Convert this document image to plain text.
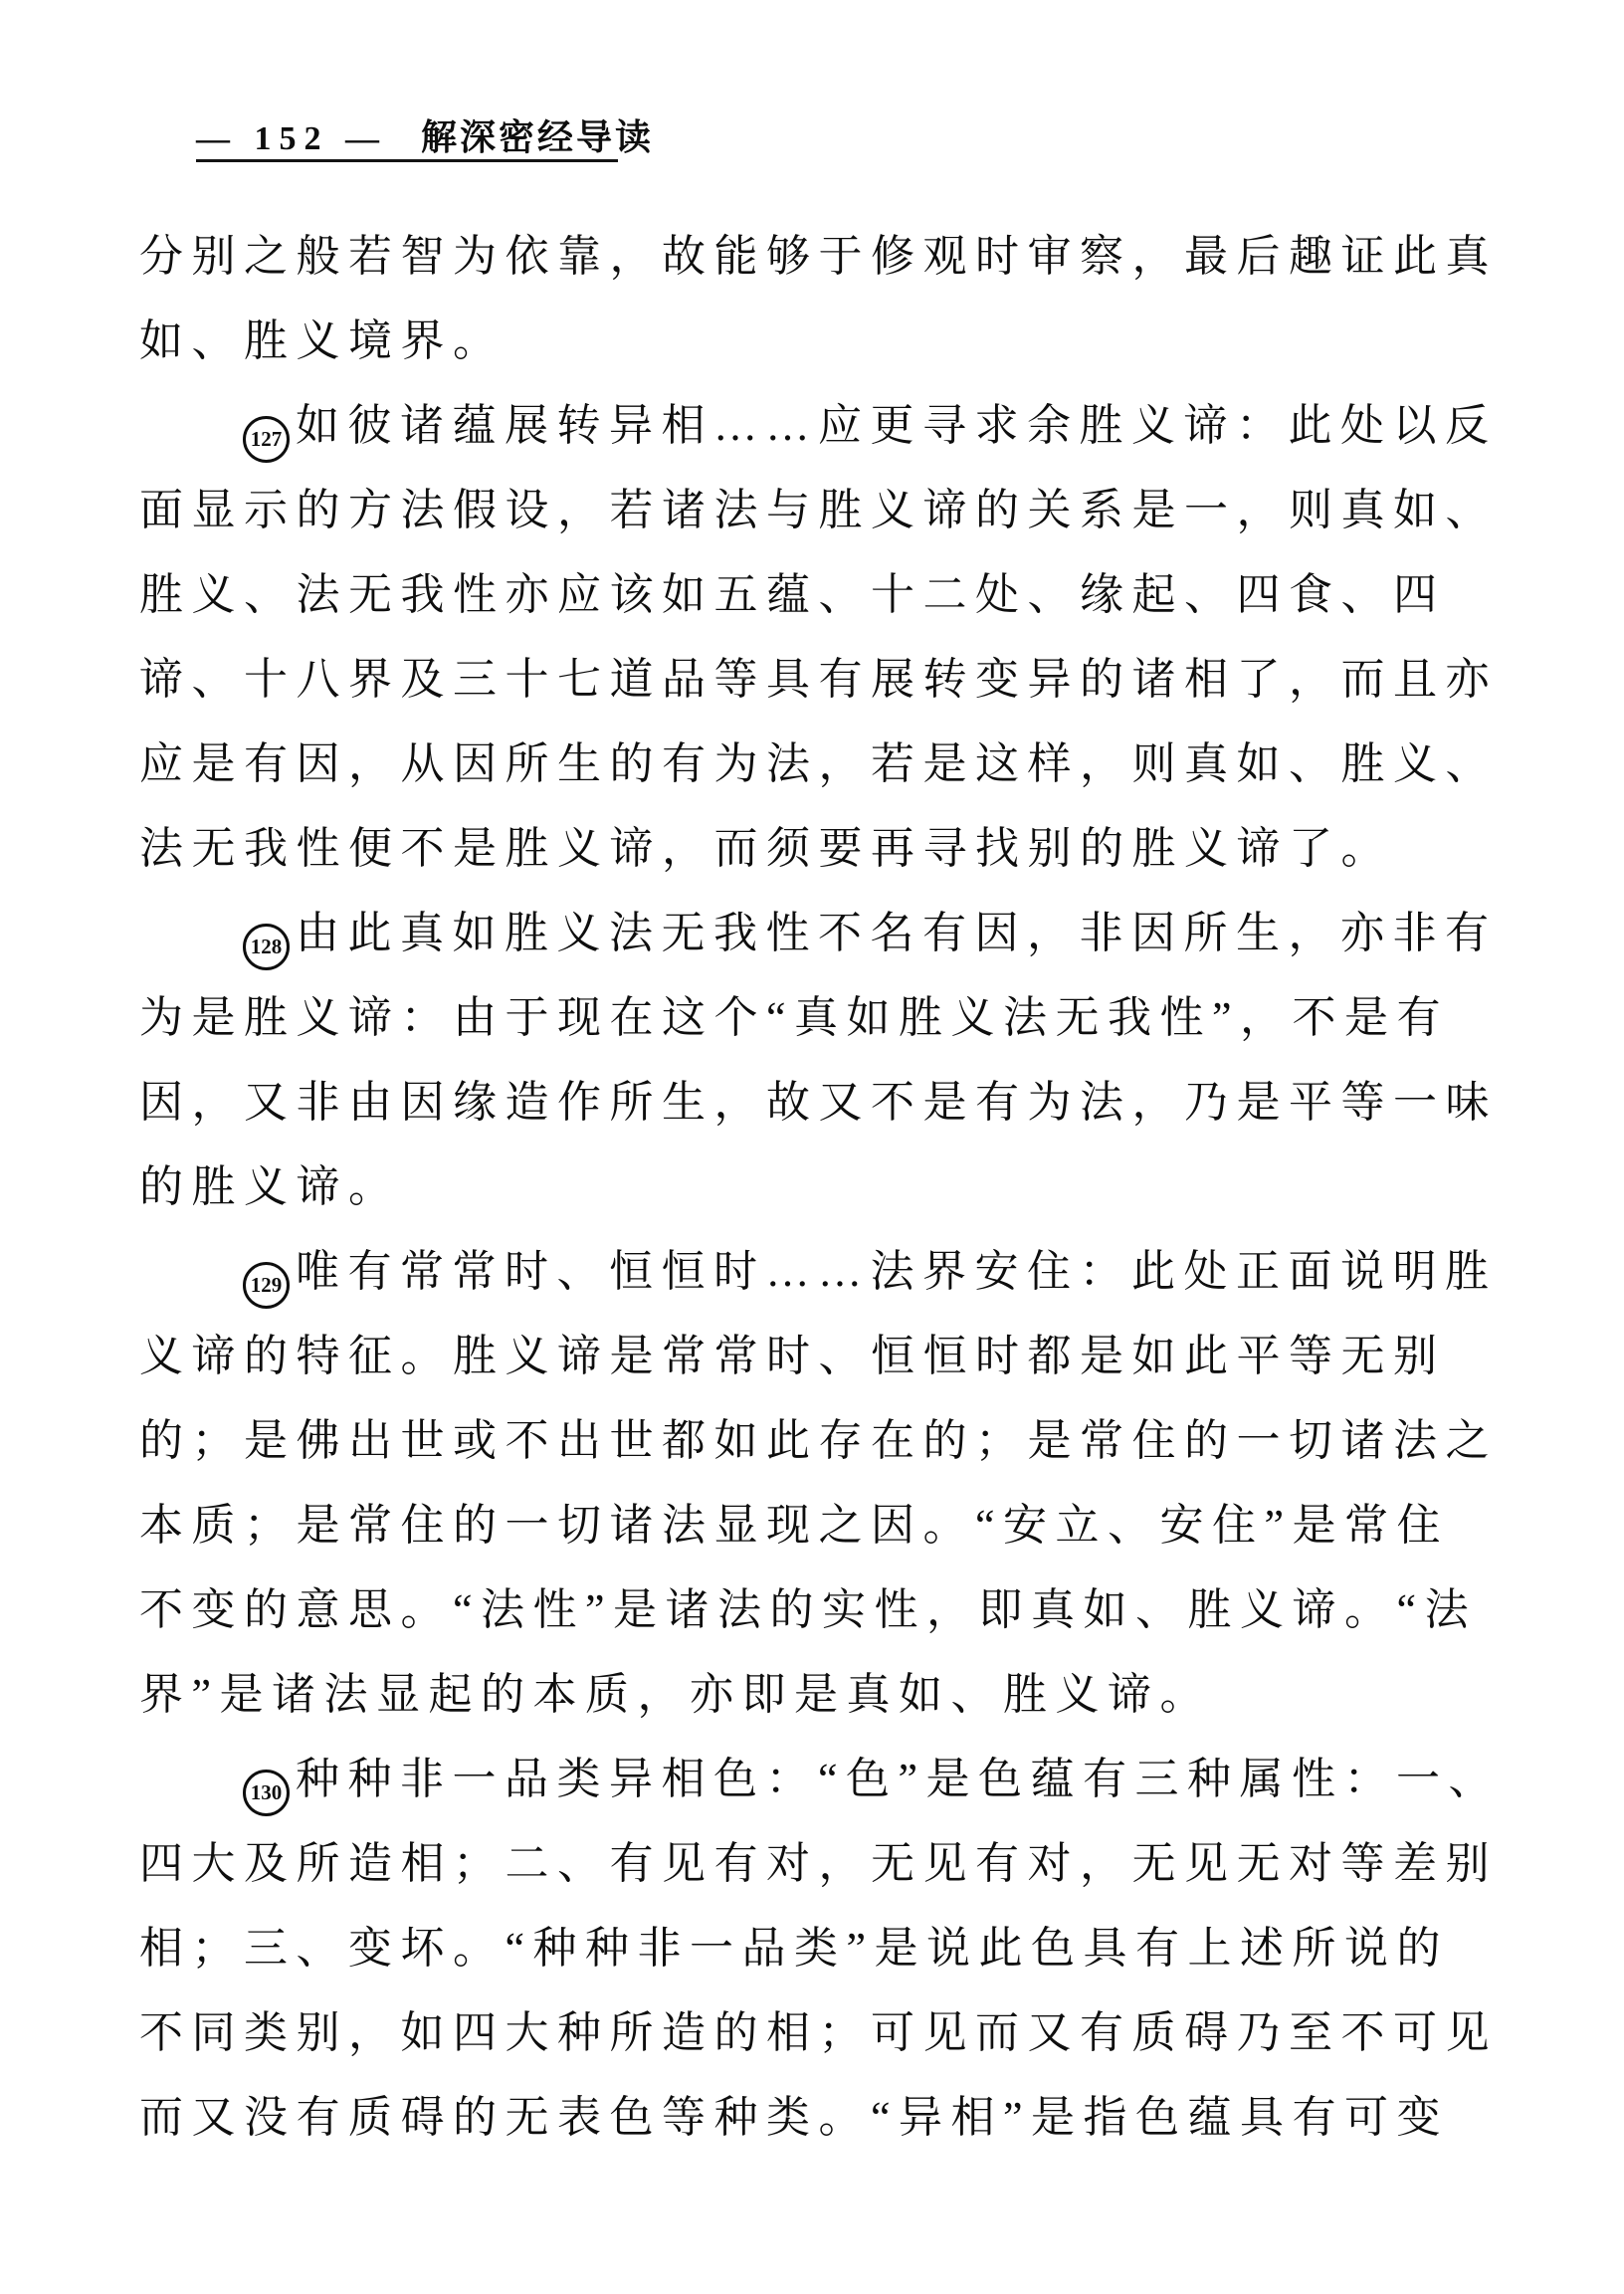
— 152 — 解深密经导读
分别之般若智为依靠，故能够于修观时审察，最后趣证此真
如、胜义境界。
127 如彼诸蕴展转异相……应更寻求余胜义谛：此处以反
面显示的方法假设，若诸法与胜义谛的关系是一，则真如、
胜义、法无我性亦应该如五蕴、十二处、缘起、四食、四
谛、十八界及三十七道品等具有展转变异的诸相了，而且亦
应是有因，从因所生的有为法，若是这样，则真如、胜义、
法无我性便不是胜义谛，而须要再寻找别的胜义谛了。
128 由此真如胜义法无我性不名有因，非因所生，亦非有
为是胜义谛：由于现在这个“真如胜义法无我性”，不是有
因，又非由因缘造作所生，故又不是有为法，乃是平等一味
的胜义谛。
129 唯有常常时、恒恒时……法界安住：此处正面说明胜
义谛的特征。胜义谛是常常时、恒恒时都是如此平等无别
的；是佛出世或不出世都如此存在的；是常住的一切诸法之
本质；是常住的一切诸法显现之因。“安立、安住”是常住
不变的意思。“法性”是诸法的实性，即真如、胜义谛。“法
界”是诸法显起的本质，亦即是真如、胜义谛。
130 种种非一品类异相色：“色”是色蕴有三种属性：一、
四大及所造相；二、有见有对，无见有对，无见无对等差别
相；三、变坏。“种种非一品类”是说此色具有上述所说的
不同类别，如四大种所造的相；可见而又有质碍乃至不可见
而又没有质碍的无表色等种类。“异相”是指色蕴具有可变
